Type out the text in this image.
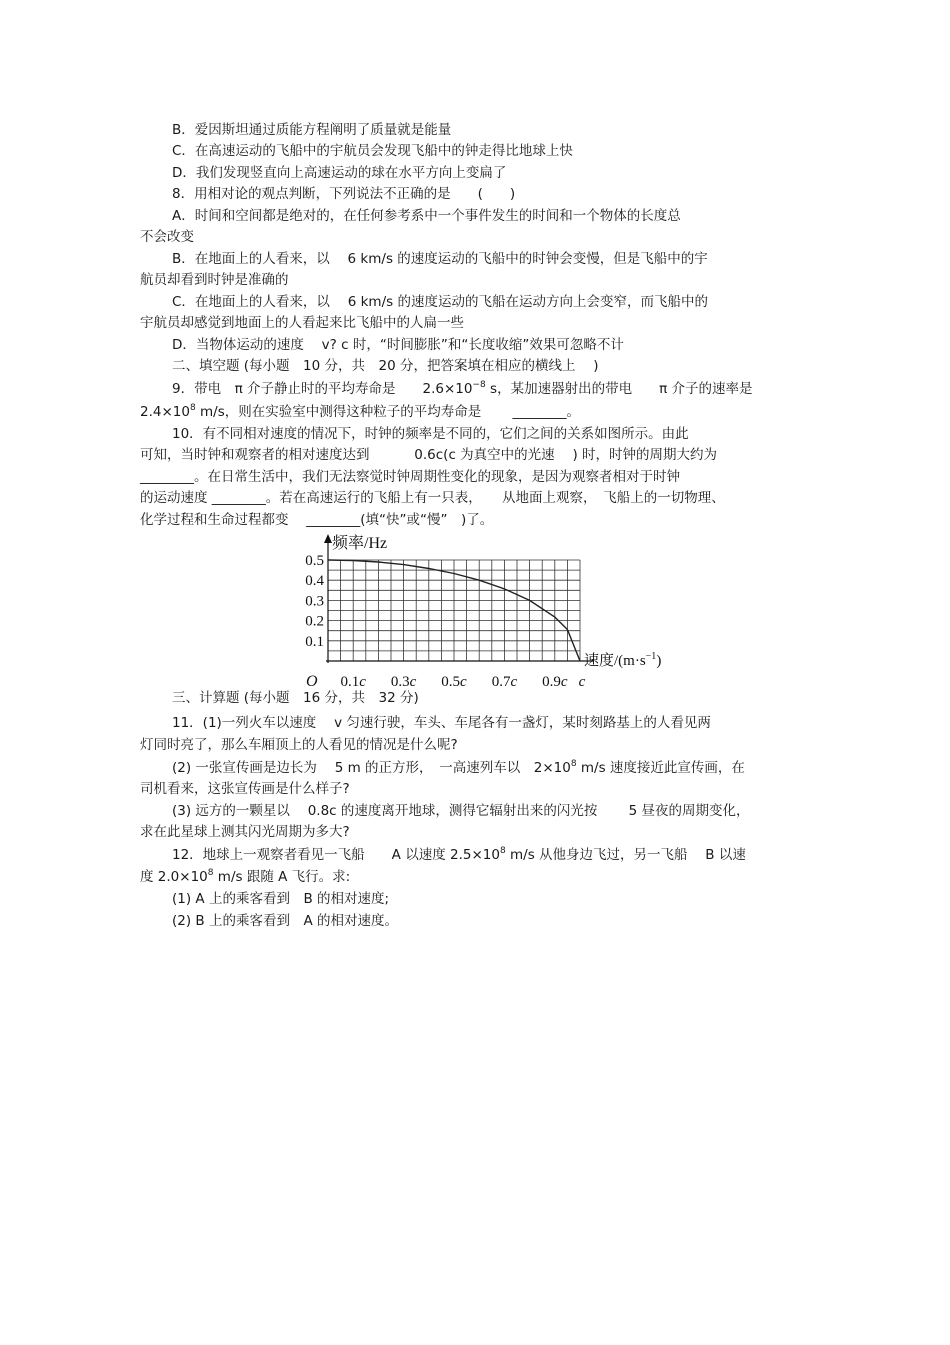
B．爱因斯坦通过质能方程阐明了质量就是能量
C．在高速运动的飞船中的宇航员会发现飞船中的钟走得比地球上快
D．我们发现竖直向上高速运动的球在水平方向上变扁了
8．用相对论的观点判断，下列说法不正确的是　　(　　)
A．时间和空间都是绝对的，在任何参考系中一个事件发生的时间和一个物体的长度总
不会改变
B．在地面上的人看来，以　 6 km/s 的速度运动的飞船中的时钟会变慢，但是飞船中的宇
航员却看到时钟是准确的
C．在地面上的人看来，以　 6 km/s 的速度运动的飞船在运动方向上会变窄，而飞船中的
宇航员却感觉到地面上的人看起来比飞船中的人扁一些
D．当物体运动的速度　 v? c 时，“时间膨胀”和“长度收缩”效果可忽略不计
二、填空题 (每小题　10 分，共　20 分，把答案填在相应的横线上　 )
9．带电　π 介子静止时的平均寿命是　　$2.6\times 10^{-8}$ s，某加速器射出的带电　　π 介子的速率是
$2.4\times 10^8$ m/s，则在实验室中测得这种粒子的平均寿命是　　 ________。
10．有不同相对速度的情况下，时钟的频率是不同的，它们之间的关系如图所示。由此
可知，当时钟和观察者的相对速度达到　　　 0.6c(c 为真空中的光速　 ) 时，时钟的周期大约为
________。在日常生活中，我们无法察觉时钟周期性变化的现象，是因为观察者相对于时钟
的运动速度 ________。若在高速运行的飞船上有一只表，　　从地面上观察，　飞船上的一切物理、
化学过程和生命过程都变　 ________(填“快”或“慢”　)了。
频率/Hz
速度$/(m\cdot s^{-1})$
O
0.1
0.2
0.3
0.4
0.5
0.1c 0.3c 0.5c 0.7c 0.9c c
三、计算题 (每小题　16 分，共　32 分)
11．(1)一列火车以速度　 v 匀速行驶，车头、车尾各有一盏灯，某时刻路基上的人看见两
灯同时亮了，那么车厢顶上的人看见的情况是什么呢?
(2) 一张宣传画是边长为　 5 m 的正方形，　一高速列车以　$2\times 10^8$ m/s 速度接近此宣传画，在
司机看来，这张宣传画是什么样子?
(3) 远方的一颗星以　 0.8c 的速度离开地球，测得它辐射出来的闪光按　　 5 昼夜的周期变化，
求在此星球上测其闪光周期为多大?
12．地球上一观察者看见一飞船　　A 以速度 $2.5\times 10^8$ m/s 从他身边飞过，另一飞船　 B 以速
度 $2.0\times 10^8$ m/s 跟随 A 飞行。求:
(1) A 上的乘客看到　B 的相对速度;
(2) B 上的乘客看到　A 的相对速度。
